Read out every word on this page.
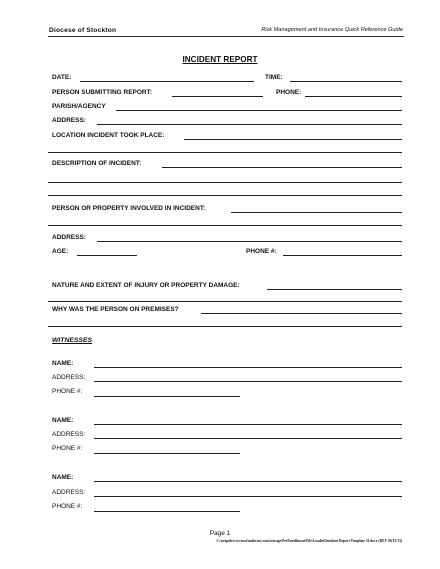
Diocese of Stockton	Risk Management and Insurance Quick Reference Guide
INCIDENT REPORT
DATE:	TIME:
PERSON SUBMITTING REPORT:	PHONE:
PARISH/AGENCY
ADDRESS:
LOCATION INCIDENT TOOK PLACE:
DESCRIPTION OF INCIDENT:
PERSON OR PROPERTY INVOLVED IN INCIDENT:
ADDRESS:
AGE:	PHONE #:
NATURE AND EXTENT OF INJURY OR PROPERTY DAMAGE:
WHY WAS THE PERSON ON PREMISES?
WITNESSES
NAME:
ADDRESS:
PHONE #:
NAME:
ADDRESS:
PHONE #:
NAME:
ADDRESS:
PHONE #:
Page 1
C:\netpub\wwwroot\unibrary.com\storage\PreEnrollment\File\Loaded\Incident Report Template 31.docx (REV 06/12/13)
